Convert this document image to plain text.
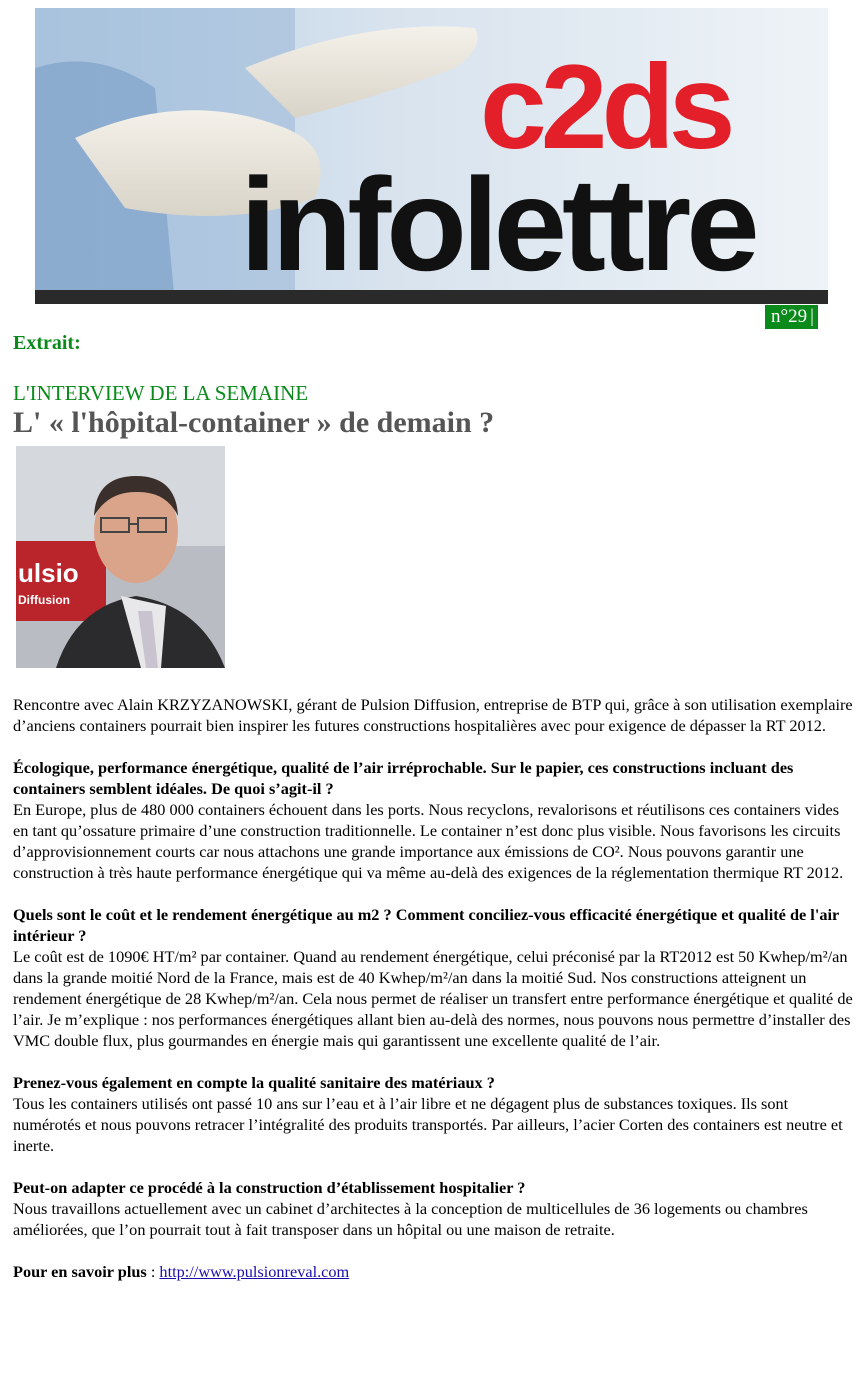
c2ds
infolettre
n°29 |
Extrait:
L'INTERVIEW DE LA SEMAINE
L' « l'hôpital-container » de demain ?
ulsio
Diffusion

Rencontre avec Alain KRZYZANOWSKI, gérant de Pulsion Diffusion, entreprise de BTP qui, grâce à son utilisation exemplaire d’anciens containers pourrait bien inspirer les futures constructions hospitalières avec pour exigence de dépasser la RT 2012.

Écologique, performance énergétique, qualité de l’air irréprochable. Sur le papier, ces constructions incluant des containers semblent idéales. De quoi s’agit-il ?

En Europe, plus de 480 000 containers échouent dans les ports. Nous recyclons, revalorisons et réutilisons ces containers vides en tant qu’ossature primaire d’une construction traditionnelle. Le container n’est donc plus visible. Nous favorisons les circuits d’approvisionnement courts car nous attachons une grande importance aux émissions de CO². Nous pouvons garantir une construction à très haute performance énergétique qui va même au-delà des exigences de la réglementation thermique RT 2012.

Quels sont le coût et le rendement énergétique au m2 ? Comment conciliez-vous efficacité énergétique et qualité de l'air intérieur ?

Le coût est de 1090€ HT/m² par container. Quand au rendement énergétique, celui préconisé par la RT2012 est 50 Kwhep/m²/an dans la grande moitié Nord de la France, mais est de 40 Kwhep/m²/an dans la moitié Sud. Nos constructions atteignent un rendement énergétique de 28 Kwhep/m²/an. Cela nous permet de réaliser un transfert entre performance énergétique et qualité de l’air. Je m’explique : nos performances énergétiques allant bien au-delà des normes, nous pouvons nous permettre d’installer des VMC double flux, plus gourmandes en énergie mais qui garantissent une excellente qualité de l’air.

Prenez-vous également en compte la qualité sanitaire des matériaux ?

Tous les containers utilisés ont passé 10 ans sur l’eau et à l’air libre et ne dégagent plus de substances toxiques. Ils sont numérotés et nous pouvons retracer l’intégralité des produits transportés. Par ailleurs, l’acier Corten des containers est neutre et inerte.

Peut-on adapter ce procédé à la construction d’établissement hospitalier ?

Nous travaillons actuellement avec un cabinet d’architectes à la conception de multicellules de 36 logements ou chambres améliorées, que l’on pourrait tout à fait transposer dans un hôpital ou une maison de retraite.

Pour en savoir plus : http://www.pulsionreval.com
